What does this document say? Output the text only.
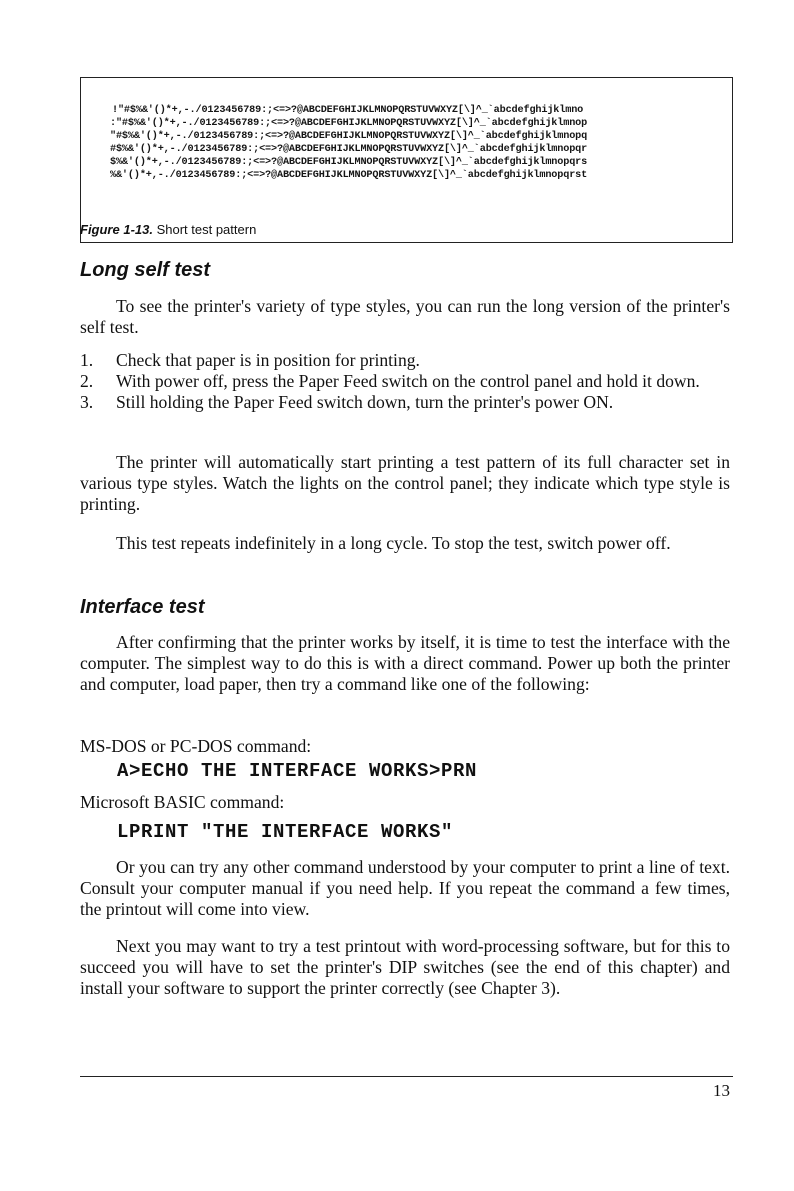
!"#$%&'()*+,-./0123456789:;<=>?@ABCDEFGHIJKLMNOPQRSTUVWXYZ[\]^_`abcdefghijklmno
:"#$%&'()*+,-./0123456789:;<=>?@ABCDEFGHIJKLMNOPQRSTUVWXYZ[\]^_`abcdefghijklmnop
"#$%&'()*+,-./0123456789:;<=>?@ABCDEFGHIJKLMNOPQRSTUVWXYZ[\]^_`abcdefghijklmnopq
#$%&'()*+,-./0123456789:;<=>?@ABCDEFGHIJKLMNOPQRSTUVWXYZ[\]^_`abcdefghijklmnopqr
$%&'()*+,-./0123456789:;<=>?@ABCDEFGHIJKLMNOPQRSTUVWXYZ[\]^_`abcdefghijklmnopqrs
%&'()*+,-./0123456789:;<=>?@ABCDEFGHIJKLMNOPQRSTUVWXYZ[\]^_`abcdefghijklmnopqrst
Figure 1-13. Short test pattern
Long self test

To see the printer's variety of type styles, you can run the long version of the printer's self test.

1. Check that paper is in position for printing.
2. With power off, press the Paper Feed switch on the control panel and hold it down.
3. Still holding the Paper Feed switch down, turn the printer's power ON.

The printer will automatically start printing a test pattern of its full character set in various type styles. Watch the lights on the control panel; they indicate which type style is printing.

This test repeats indefinitely in a long cycle. To stop the test, switch power off.

Interface test

After confirming that the printer works by itself, it is time to test the interface with the computer. The simplest way to do this is with a direct command. Power up both the printer and computer, load paper, then try a command like one of the following:

MS-DOS or PC-DOS command:

A>ECHO THE INTERFACE WORKS>PRN

Microsoft BASIC command:

LPRINT "THE INTERFACE WORKS"

Or you can try any other command understood by your computer to print a line of text. Consult your computer manual if you need help. If you repeat the command a few times, the printout will come into view.

Next you may want to try a test printout with word-processing software, but for this to succeed you will have to set the printer's DIP switches (see the end of this chapter) and install your software to support the printer correctly (see Chapter 3).

13
